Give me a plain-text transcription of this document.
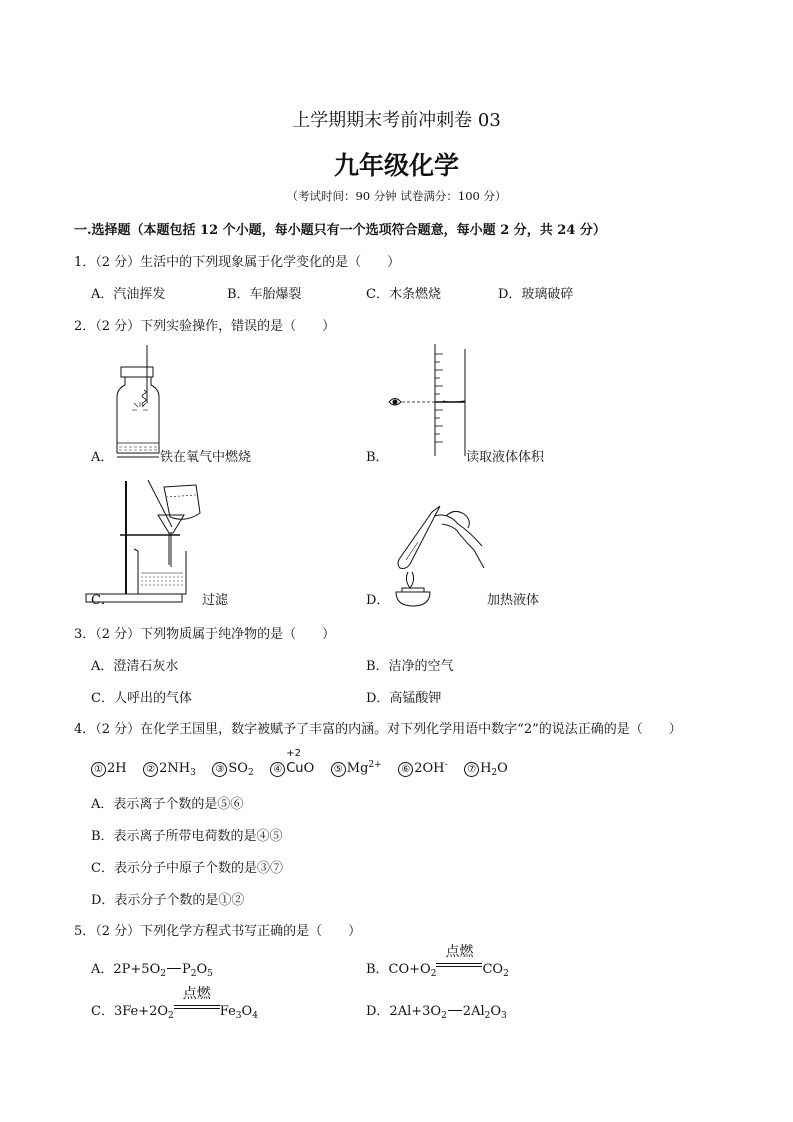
上学期期末考前冲刺卷 03
九年级化学
（考试时间：90 分钟 试卷满分：100 分）
一.选择题（本题包括 12 个小题，每小题只有一个选项符合题意，每小题 2 分，共 24 分）
1．（2 分）生活中的下列现象属于化学变化的是（　　）
A．汽油挥发	B．车胎爆裂	C．木条燃烧	D．玻璃破碎
2．（2 分）下列实验操作，错误的是（　　）
A．	铁在氧气中燃烧	B．	读取液体体积
C．	过滤	D．	加热液体
3．（2 分）下列物质属于纯净物的是（　　）
A．澄清石灰水	B．洁净的空气
C．人呼出的气体	D．高锰酸钾
4．（2 分）在化学王国里，数字被赋予了丰富的内涵。对下列化学用语中数字“2”的说法正确的是（　　）
① 2H ② $2NH_3$ ③ $SO_2$ ④
+2
CuO ⑤ $Mg^{2+}$ ⑥ 2OH- ⑦ $H_2O$
A．表示离子个数的是⑤⑥
B．表示离子所带电荷数的是④⑤
C．表示分子中原子个数的是③⑦
D．表示分子个数的是①②
5．（2 分）下列化学方程式书写正确的是（　　）
A．$2P+5O_2$ $P_2O_5$	B．$CO+O_2$
点燃
$CO_2$
C．$3Fe+2O_2$
点燃
$Fe_3O_4$	D．$2Al+3O_2$ $2Al_2O_3$
